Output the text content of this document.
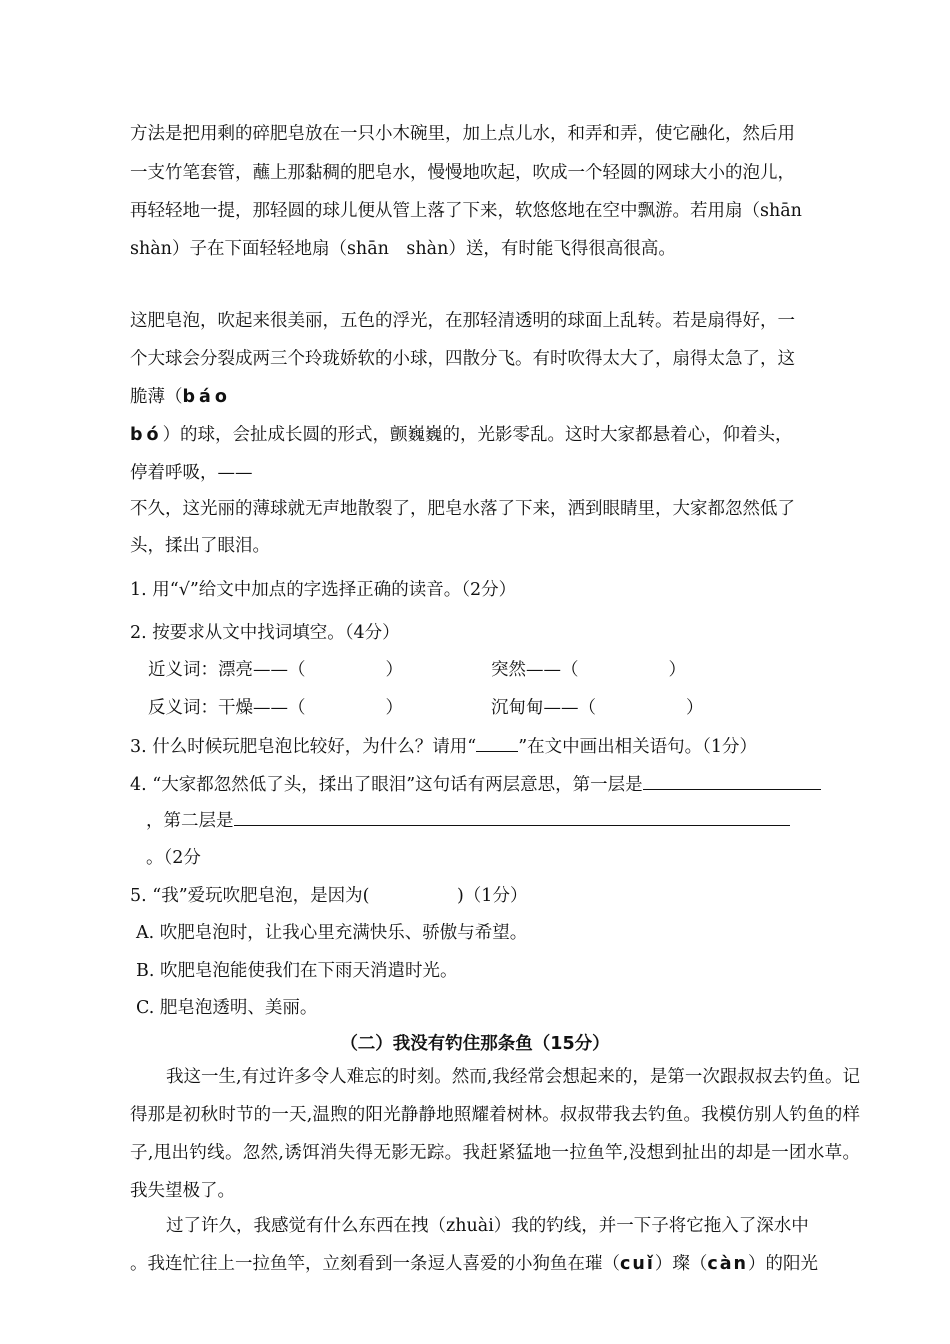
方法是把用剩的碎肥皂放在一只小木碗里，加上点儿水，和弄和弄，使它融化，然后用
一支竹笔套管，蘸上那黏稠的肥皂水，慢慢地吹起，吹成一个轻圆的网球大小的泡儿，
再轻轻地一提，那轻圆的球儿便从管上落了下来，软悠悠地在空中飘游。若用扇（shān
shàn）子在下面轻轻地扇（shān　shàn）送，有时能飞得很高很高。
这肥皂泡，吹起来很美丽，五色的浮光，在那轻清透明的球面上乱转。若是扇得好，一
个大球会分裂成两三个玲珑娇软的小球，四散分飞。有时吹得太大了，扇得太急了，这
脆薄（báo
bó）的球，会扯成长圆的形式，颤巍巍的，光影零乱。这时大家都悬着心，仰着头，
停着呼吸，——
不久，这光丽的薄球就无声地散裂了，肥皂水落了下来，洒到眼睛里，大家都忽然低了
头，揉出了眼泪。
1. 用“√”给文中加点的字选择正确的读音。（2分）
2. 按要求从文中找词填空。（4分）
近义词：漂亮——（	）	突然——（	）
反义词：干燥——（	）	沉甸甸——（	）
3. 什么时候玩肥皂泡比较好，为什么？请用“ ”在文中画出相关语句。（1分）
4. “大家都忽然低了头，揉出了眼泪”这句话有两层意思，第一层是
，第二层是
。（2分
5. “我”爱玩吹肥皂泡，是因为(　　　　　)（1分）
A. 吹肥皂泡时，让我心里充满快乐、骄傲与希望。
B. 吹肥皂泡能使我们在下雨天消遣时光。
C. 肥皂泡透明、美丽。
（二）我没有钓住那条鱼（15分）
我这一生,有过许多令人难忘的时刻。然而,我经常会想起来的，是第一次跟叔叔去钓鱼。记得那是初秋时节的一天,温煦的阳光静静地照耀着树林。叔叔带我去钓鱼。我模仿别人钓鱼的样子,甩出钓线。忽然,诱饵消失得无影无踪。我赶紧猛地一拉鱼竿,没想到扯出的却是一团水草。我失望极了。
过了许久，我感觉有什么东西在拽（zhuài）我的钓线，并一下子将它拖入了深水中
。我连忙往上一拉鱼竿，立刻看到一条逗人喜爱的小狗鱼在璀（cuǐ）璨（càn）的阳光
